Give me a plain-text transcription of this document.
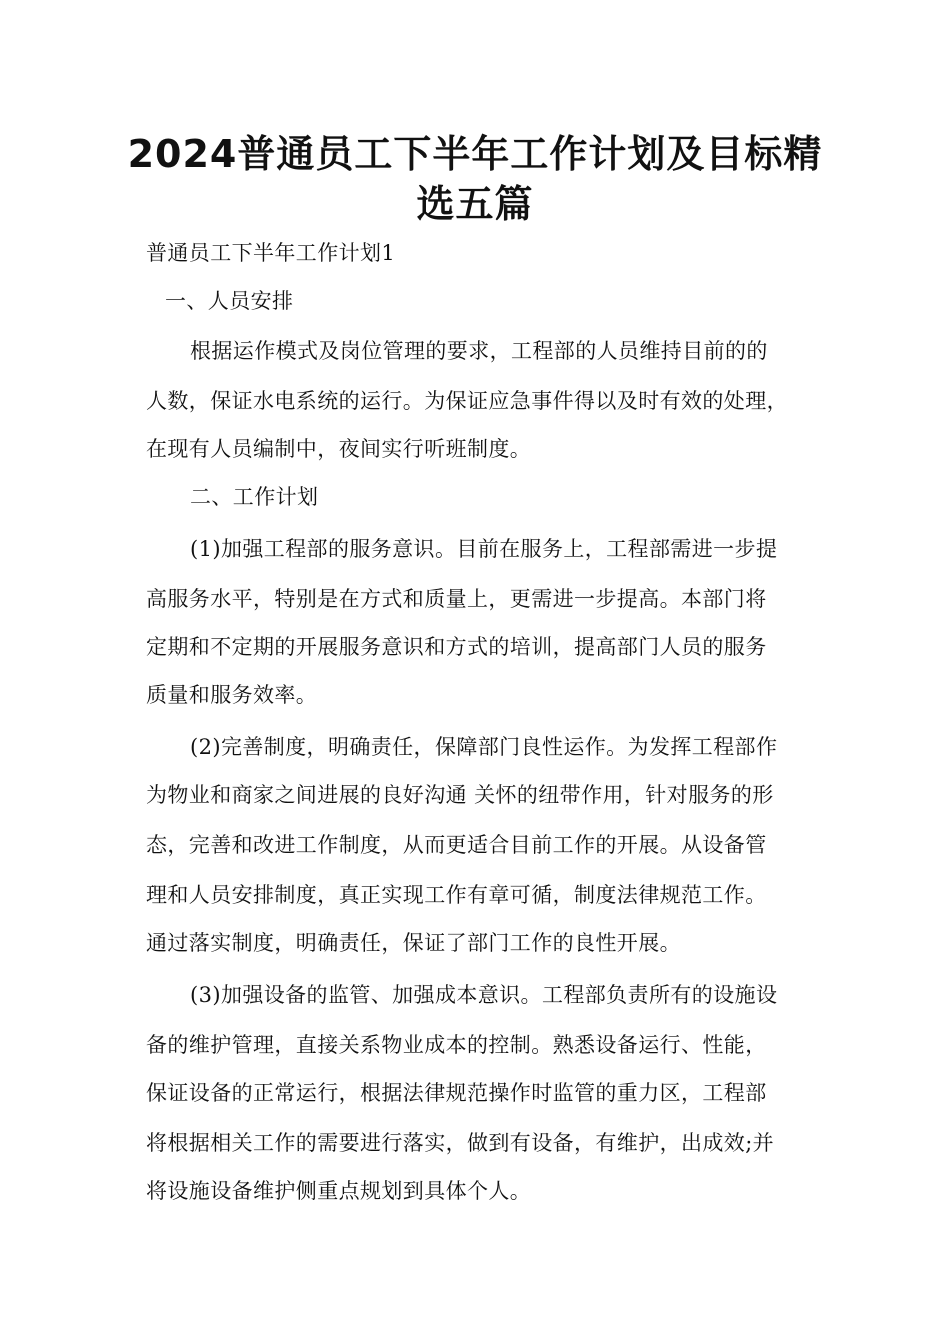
2024普通员工下半年工作计划及目标精
选五篇
普通员工下半年工作计划1
一、人员安排
根据运作模式及岗位管理的要求，工程部的人员维持目前的的
人数，保证水电系统的运行。为保证应急事件得以及时有效的处理，
在现有人员编制中，夜间实行听班制度。
二、工作计划
(1)加强工程部的服务意识。目前在服务上，工程部需进一步提
高服务水平，特别是在方式和质量上，更需进一步提高。本部门将
定期和不定期的开展服务意识和方式的培训，提高部门人员的服务
质量和服务效率。
(2)完善制度，明确责任，保障部门良性运作。为发挥工程部作
为物业和商家之间进展的良好沟通 关怀的纽带作用，针对服务的形
态，完善和改进工作制度，从而更适合目前工作的开展。从设备管
理和人员安排制度，真正实现工作有章可循，制度法律规范工作。
通过落实制度，明确责任，保证了部门工作的良性开展。
(3)加强设备的监管、加强成本意识。工程部负责所有的设施设
备的维护管理，直接关系物业成本的控制。熟悉设备运行、性能，
保证设备的正常运行，根据法律规范操作时监管的重力区，工程部
将根据相关工作的需要进行落实，做到有设备，有维护，出成效;并
将设施设备维护侧重点规划到具体个人。
